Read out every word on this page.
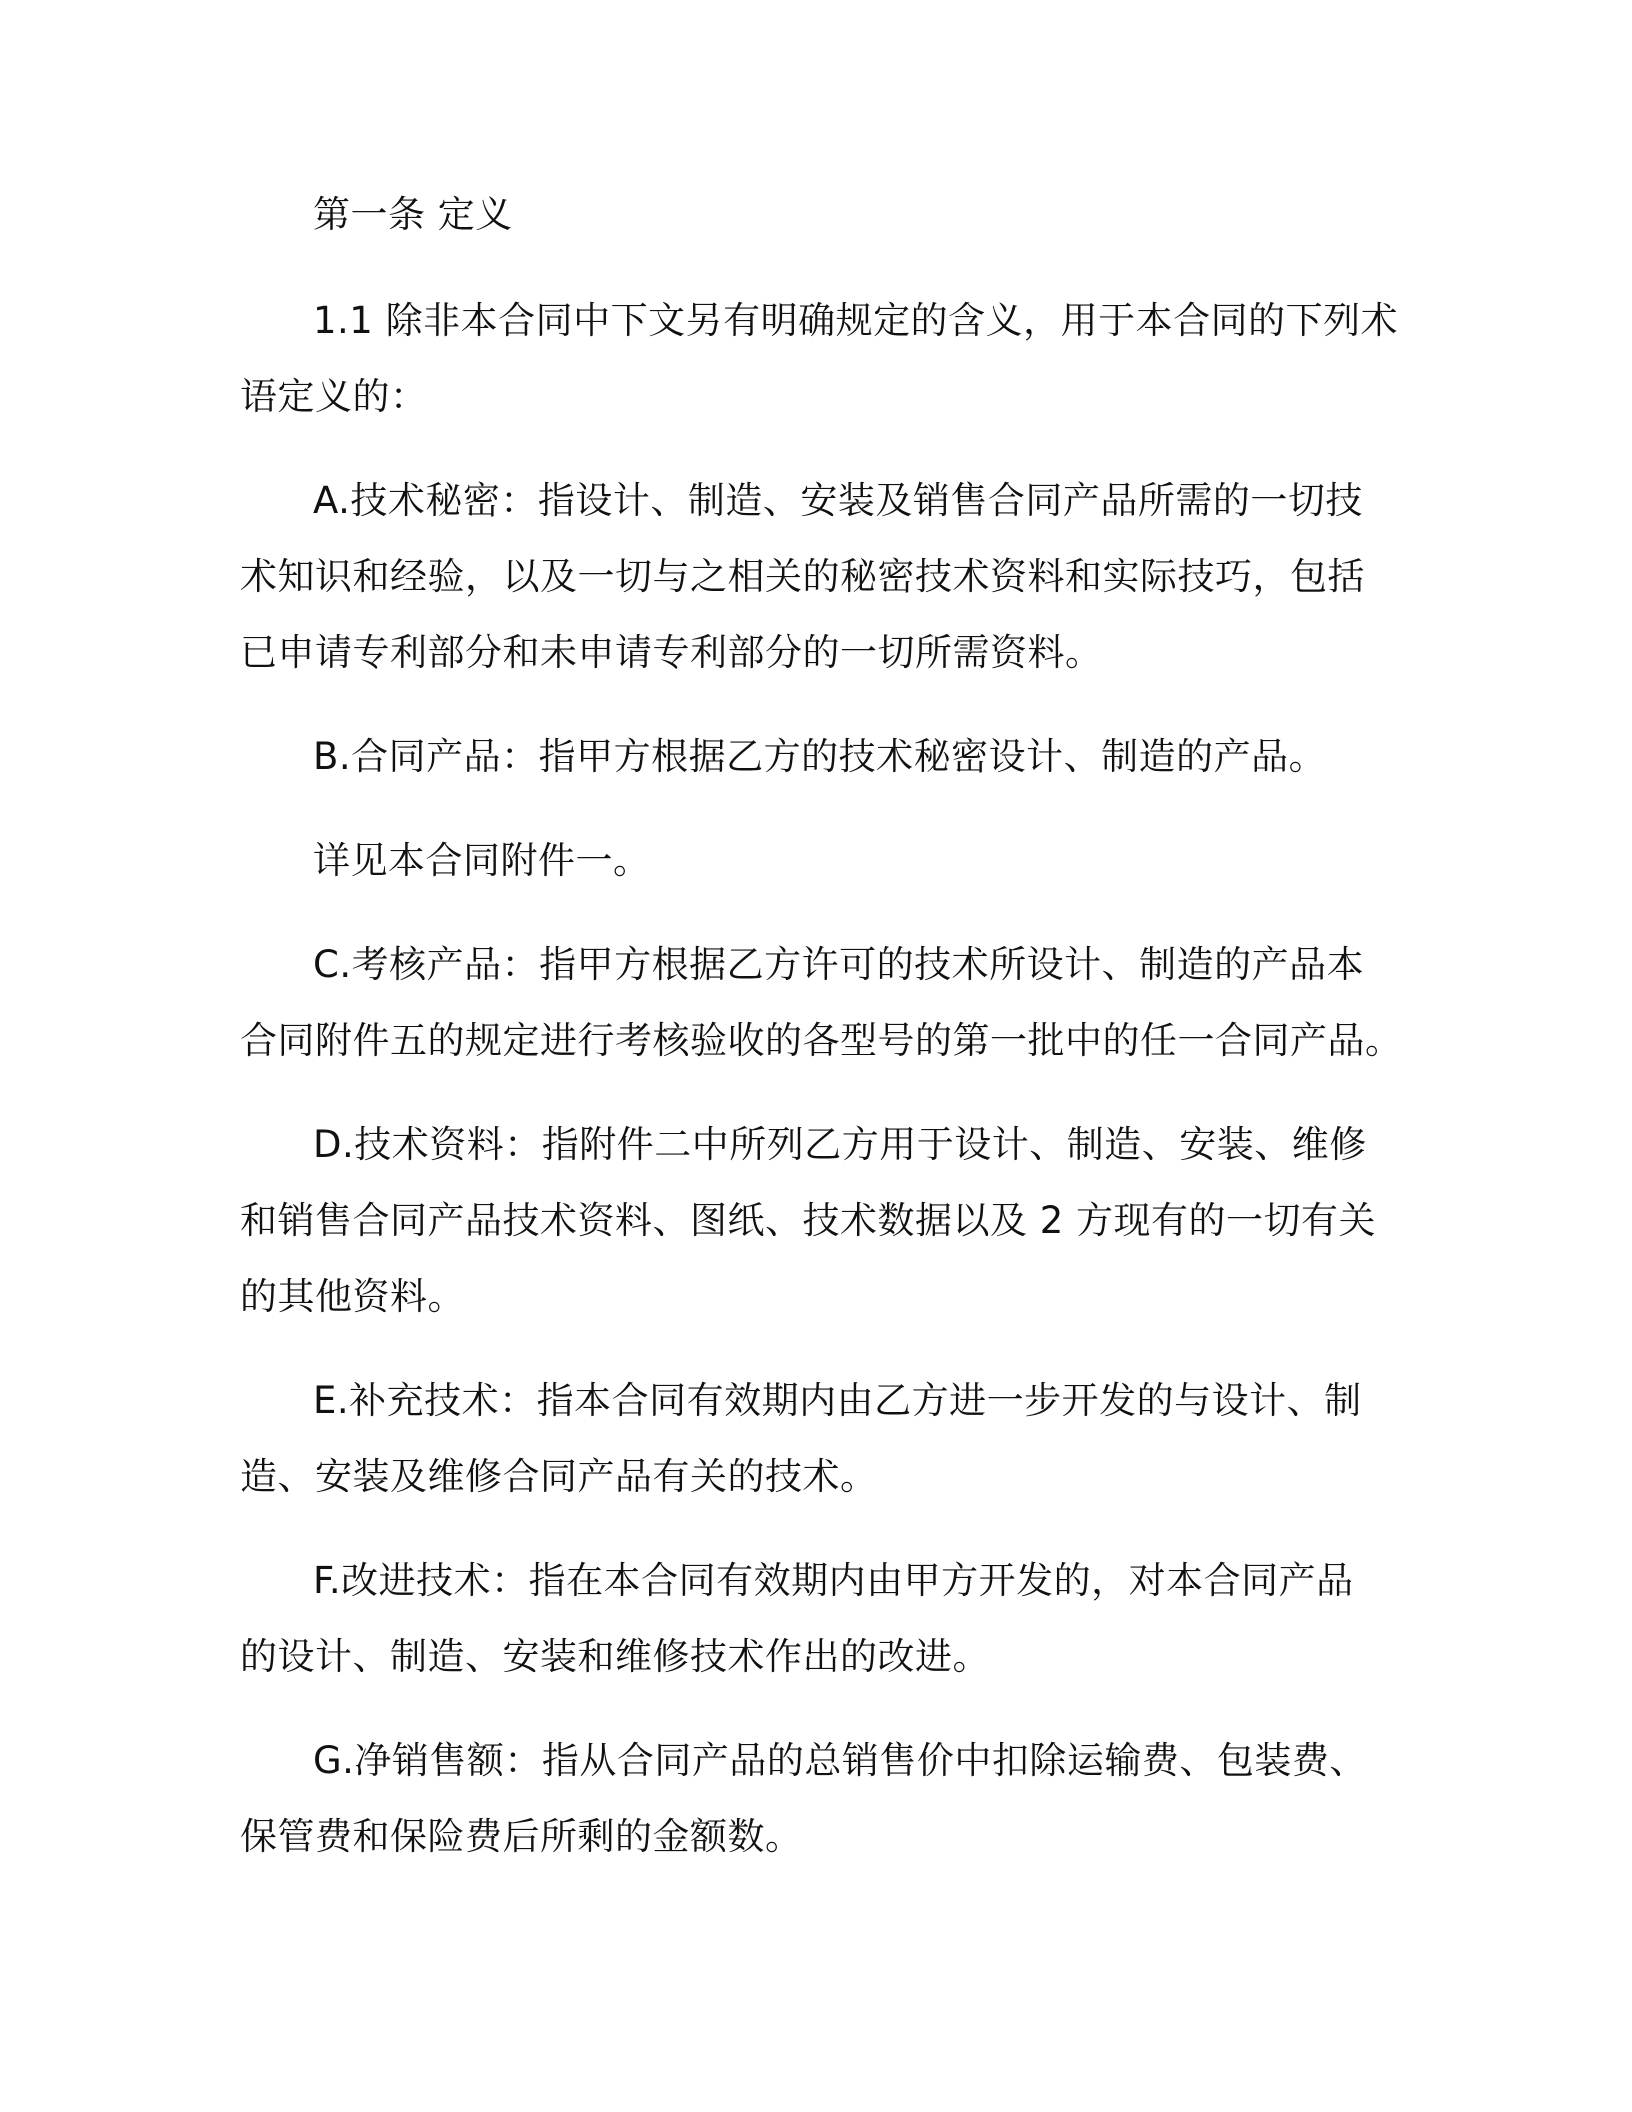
第一条 定义
1.1 除非本合同中下文另有明确规定的含义，用于本合同的下列术
语定义的：
A.技术秘密：指设计、制造、安装及销售合同产品所需的一切技
术知识和经验，以及一切与之相关的秘密技术资料和实际技巧，包括
已申请专利部分和未申请专利部分的一切所需资料。
B.合同产品：指甲方根据乙方的技术秘密设计、制造的产品。
详见本合同附件一。
C.考核产品：指甲方根据乙方许可的技术所设计、制造的产品本
合同附件五的规定进行考核验收的各型号的第一批中的任一合同产品。
D.技术资料：指附件二中所列乙方用于设计、制造、安装、维修
和销售合同产品技术资料、图纸、技术数据以及 2 方现有的一切有关
的其他资料。
E.补充技术：指本合同有效期内由乙方进一步开发的与设计、制
造、安装及维修合同产品有关的技术。
F.改进技术：指在本合同有效期内由甲方开发的，对本合同产品
的设计、制造、安装和维修技术作出的改进。
G.净销售额：指从合同产品的总销售价中扣除运输费、包装费、
保管费和保险费后所剩的金额数。
